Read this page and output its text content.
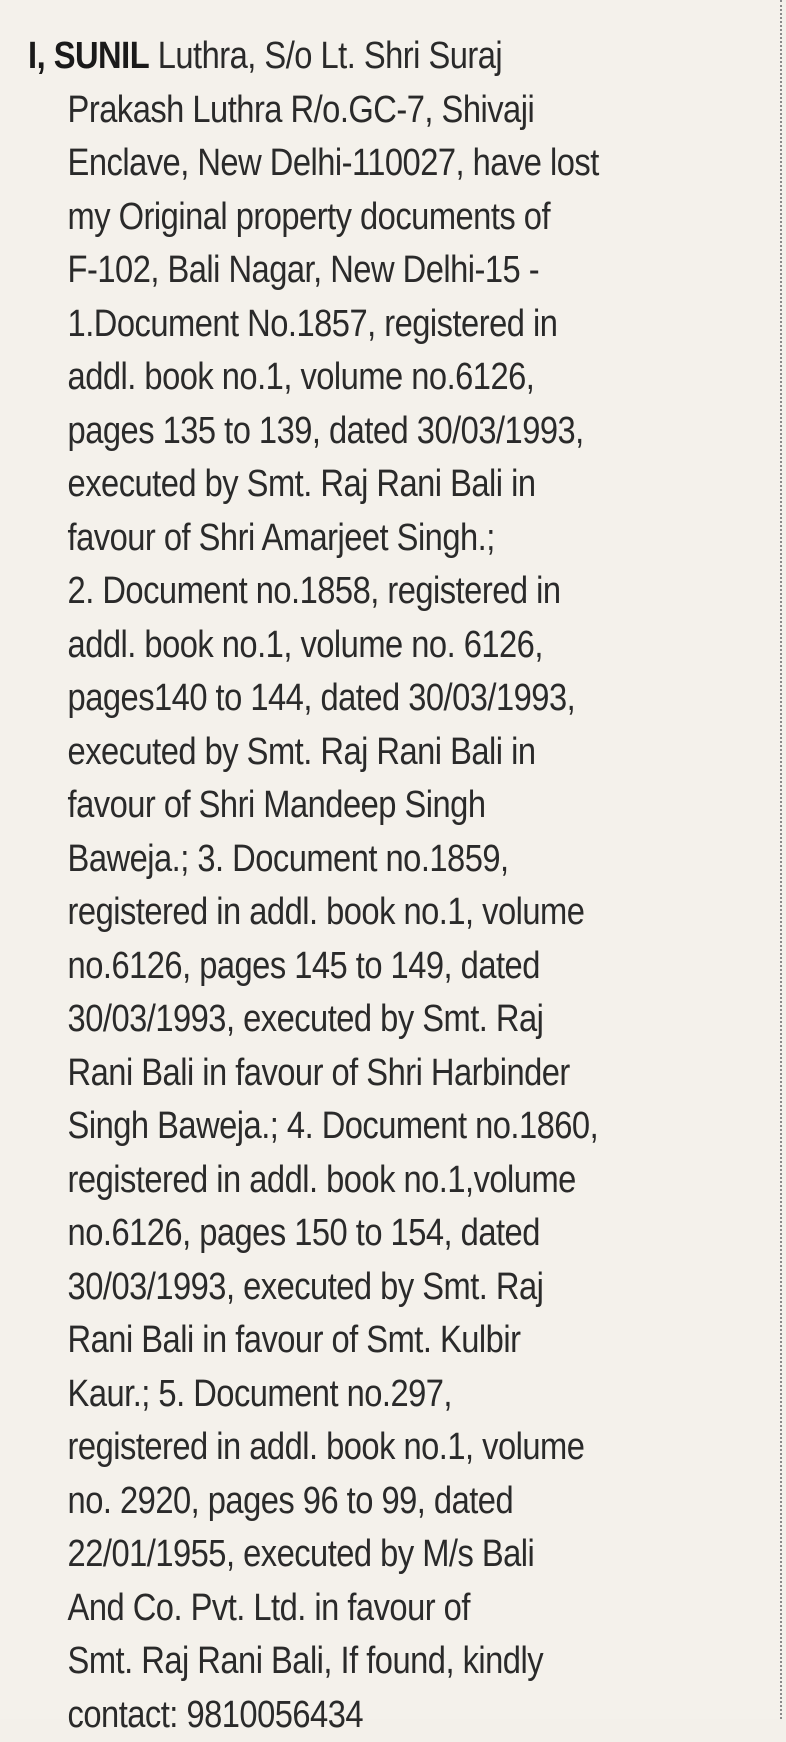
I, SUNIL Luthra, S/o Lt. Shri Suraj
Prakash Luthra R/o.GC-7, Shivaji
Enclave, New Delhi-110027, have lost
my Original property documents of
F-102, Bali Nagar, New Delhi-15 -
1.Document No.1857, registered in
addl. book no.1, volume no.6126,
pages 135 to 139, dated 30/03/1993,
executed by Smt. Raj Rani Bali in
favour of Shri Amarjeet Singh.;
2. Document no.1858, registered in
addl. book no.1, volume no. 6126,
pages140 to 144, dated 30/03/1993,
executed by Smt. Raj Rani Bali in
favour of Shri Mandeep Singh
Baweja.; 3. Document no.1859,
registered in addl. book no.1, volume
no.6126, pages 145 to 149, dated
30/03/1993, executed by Smt. Raj
Rani Bali in favour of Shri Harbinder
Singh Baweja.; 4. Document no.1860,
registered in addl. book no.1,volume
no.6126, pages 150 to 154, dated
30/03/1993, executed by Smt. Raj
Rani Bali in favour of Smt. Kulbir
Kaur.; 5. Document no.297,
registered in addl. book no.1, volume
no. 2920, pages 96 to 99, dated
22/01/1955, executed by M/s Bali
And Co. Pvt. Ltd. in favour of
Smt. Raj Rani Bali, If found, kindly
contact: 9810056434
